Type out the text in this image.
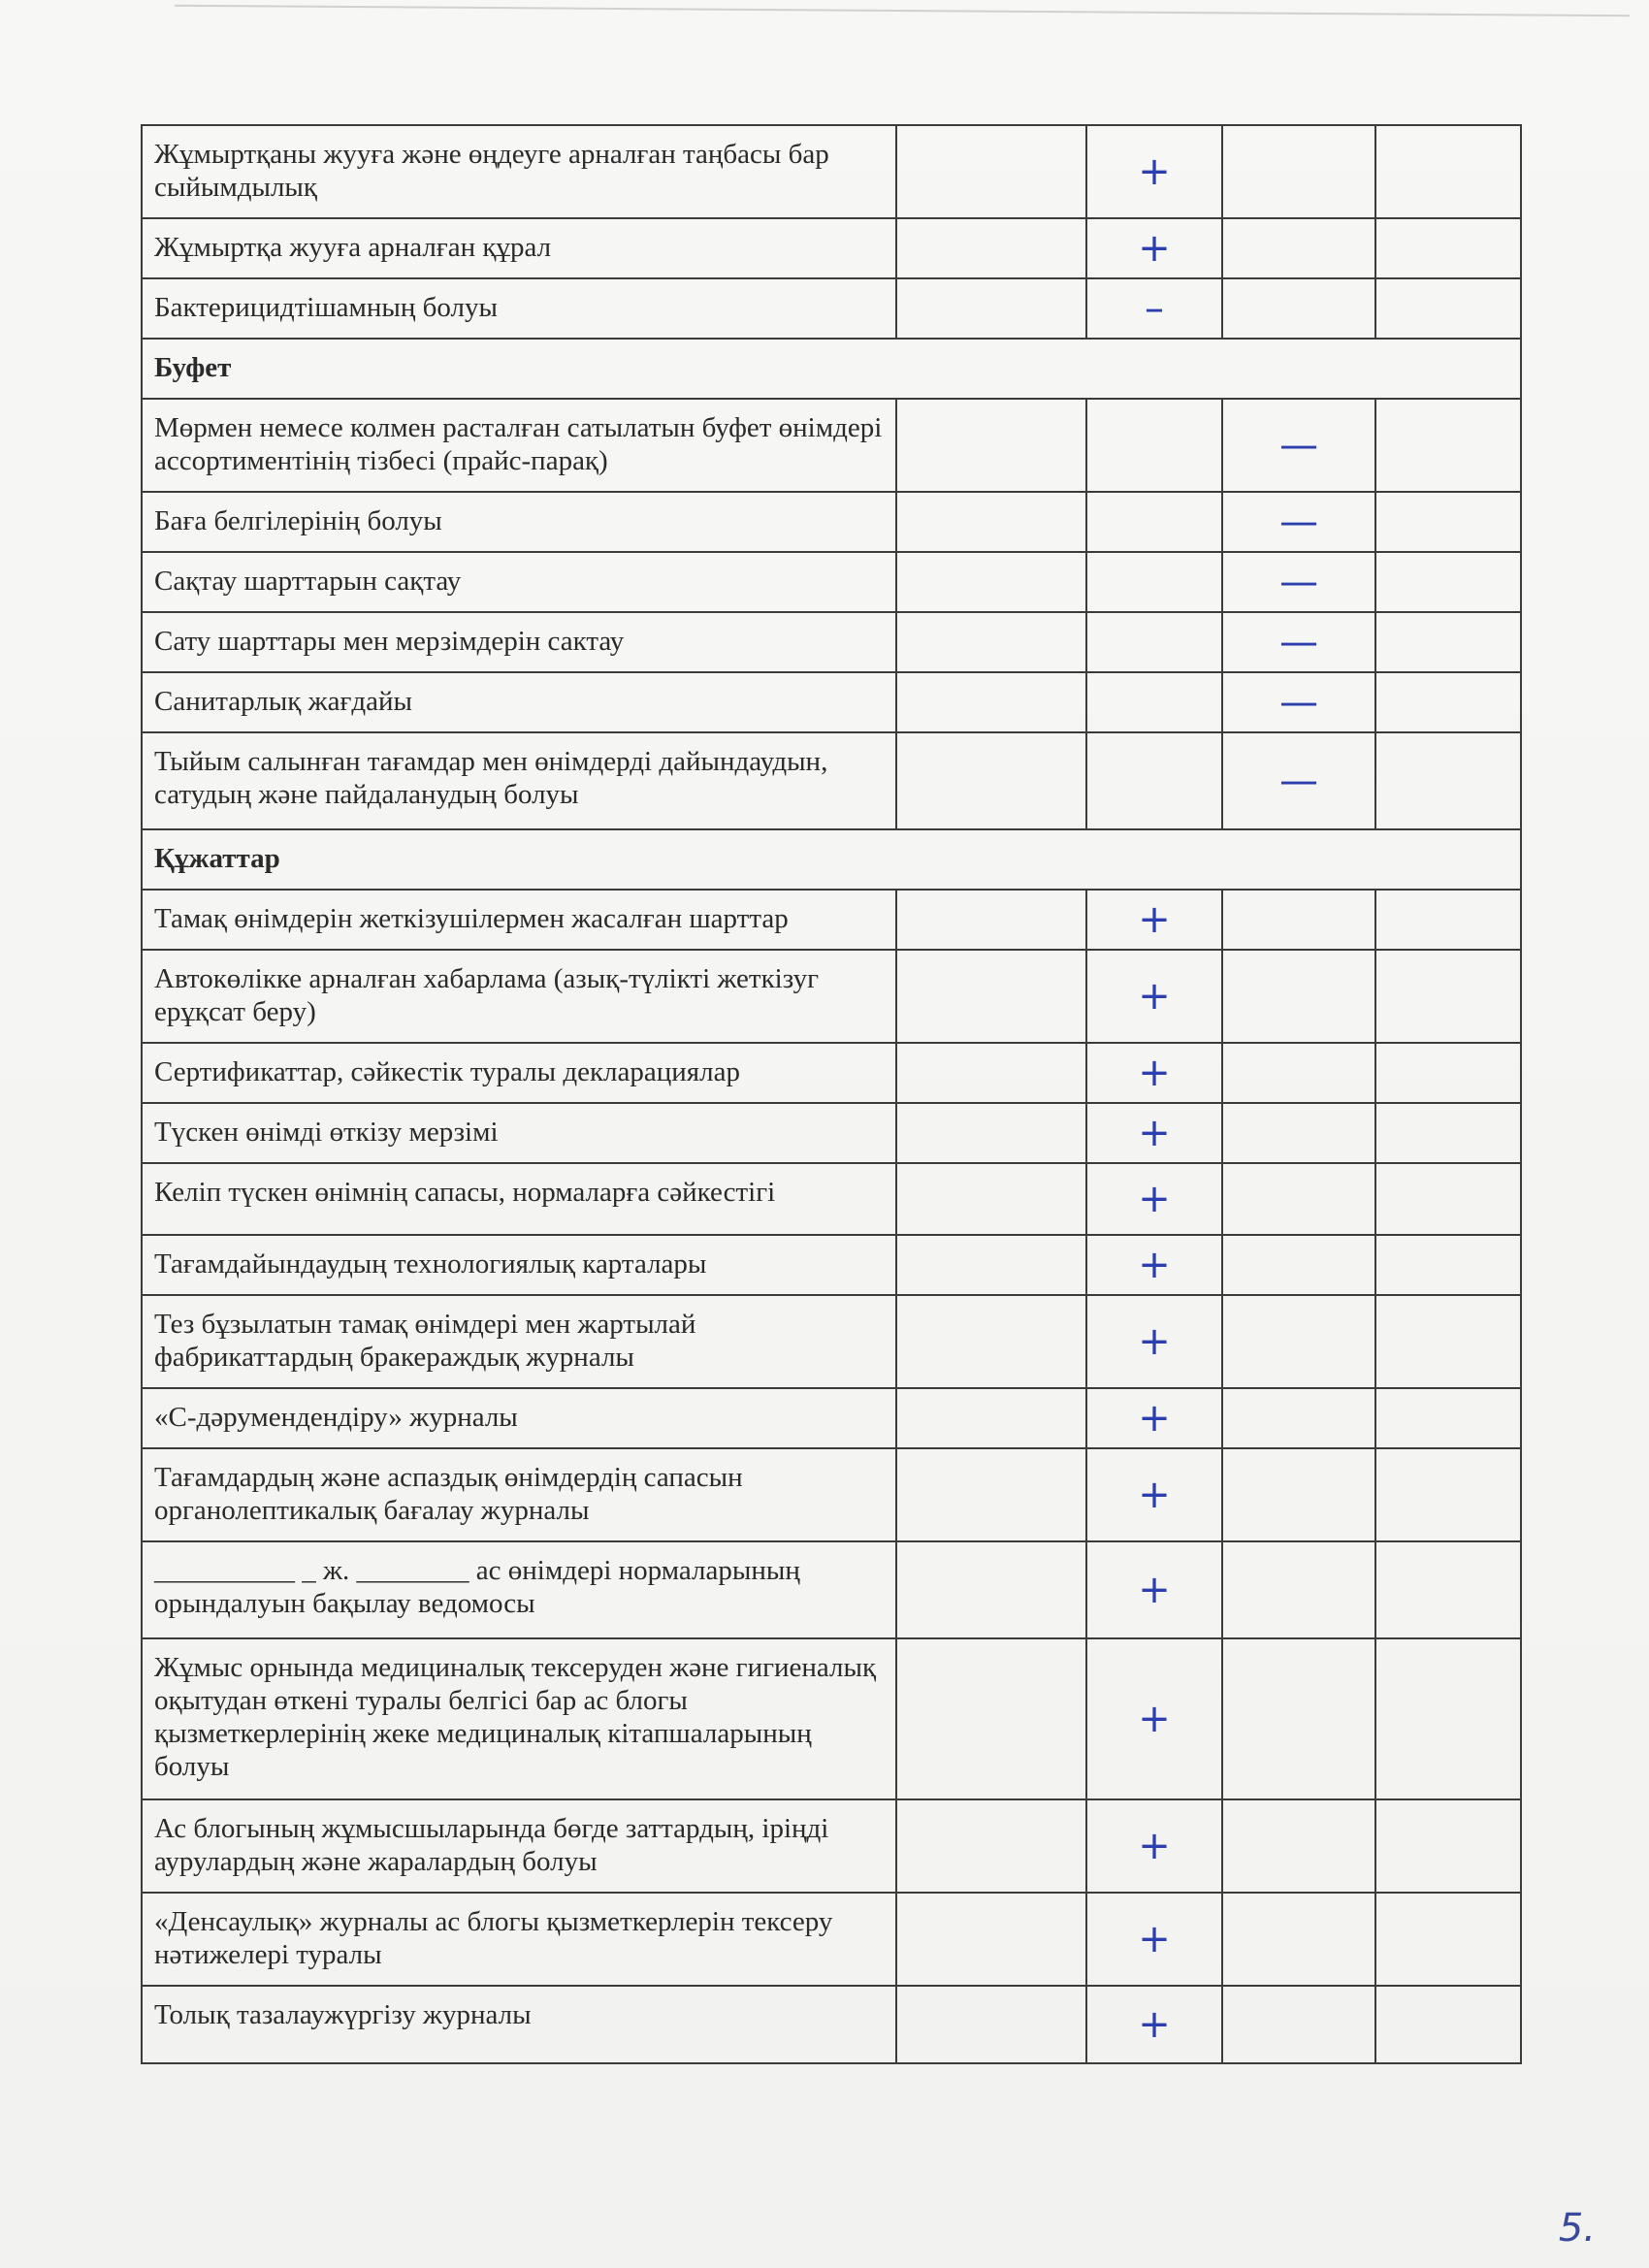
Жұмыртқаны жууға және өңдеуге арналған таңбасы бар сыйымдылық		+		
Жұмыртқа жууға арналған құрал		+		
Бактерицидтішамның болуы		–		
Буфет				
Мөрмен немесе колмен расталған сатылатын буфет өнімдері ассортиментінің тізбесі (прайс-парақ)			—	
Баға белгілерінің болуы			—	
Сақтау шарттарын сақтау			—	
Сату шарттары мен мерзімдерін сактау			—	
Санитарлық жағдайы			—	
Тыйым салынған тағамдар мен өнімдерді дайындаудын, сатудың және пайдаланудың болуы			—	
Құжаттар				
Тамақ өнімдерін жеткізушілермен жасалған шарттар		+		
Автокөлікке арналған хабарлама (азық-түлікті жеткізуг ерұқсат беру)		+		
Сертификаттар, сәйкестік туралы декларациялар		+		
Түскен өнімді өткізу мерзімі		+		
Келіп түскен өнімнің сапасы, нормаларға сәйкестігі		+		
Тағамдайындаудың технологиялық карталары		+		
Тез бұзылатын тамақ өнімдері мен жартылай фабрикаттардың бракераждық журналы		+		
«С-дәрумендендіру» журналы		+		
Тағамдардың және аспаздық өнімдердің сапасын органолептикалық бағалау журналы		+		
__________ _ ж. ________ ас өнімдері нормаларының орындалуын бақылау ведомосы		+		
Жұмыс орнында медициналық тексеруден және гигиеналық оқытудан өткені туралы белгісі бар ас блогы қызметкерлерінің жеке медициналық кітапшаларының болуы		+		
Ас блогының жұмысшыларында бөгде заттардың, іріңді аурулардың және жаралардың болуы		+		
«Денсаулық» журналы ас блогы қызметкерлерін тексеру нәтижелері туралы		+		
Толық тазалаужүргізу журналы		+		
5.
